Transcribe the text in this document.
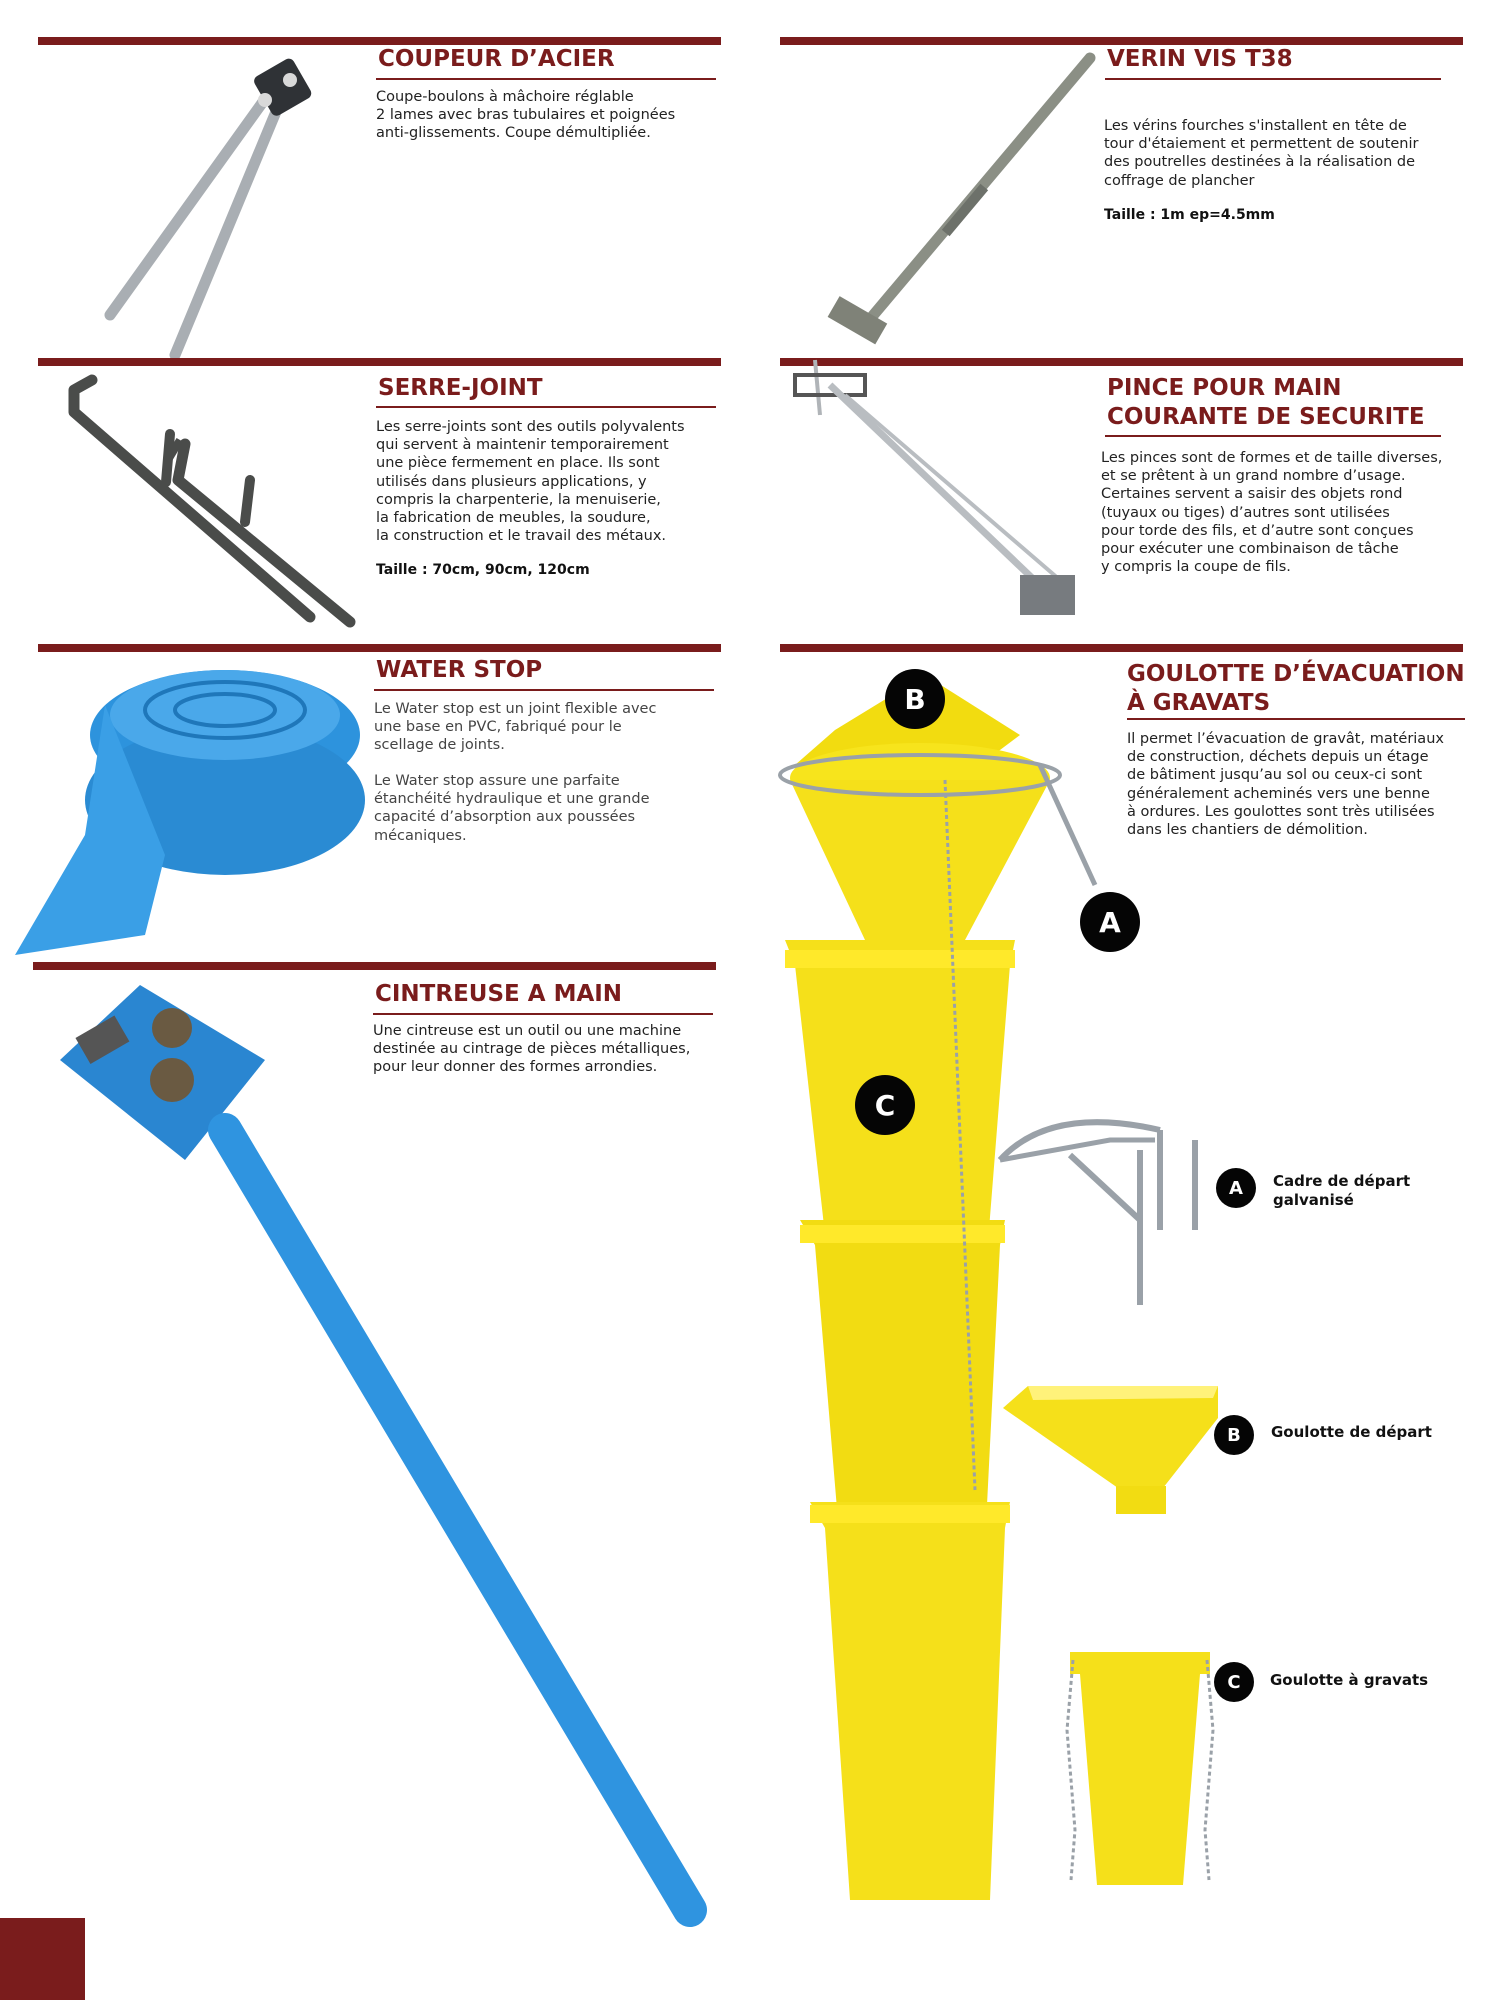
COUPEUR D’ACIER
Coupe-boulons à mâchoire réglable
2 lames avec bras tubulaires et poignées
anti-glissements. Coupe démultipliée.
VERIN VIS T38
Les vérins fourches s'installent en tête de
tour d'étaiement et permettent de soutenir
des poutrelles destinées à la réalisation de
coffrage de plancher
Taille : 1m ep=4.5mm
SERRE-JOINT
Les serre-joints sont des outils polyvalents
qui servent à maintenir temporairement
une pièce fermement en place. Ils sont
utilisés dans plusieurs applications, y
compris la charpenterie, la menuiserie,
la fabrication de meubles, la soudure,
la construction et le travail des métaux.
Taille : 70cm, 90cm, 120cm
PINCE POUR MAIN
COURANTE DE SECURITE
Les pinces sont de formes et de taille diverses,
et se prêtent à un grand nombre d’usage.
Certaines servent a saisir des objets rond
(tuyaux ou tiges) d’autres sont utilisées
pour torde des fils, et d’autre sont conçues
pour exécuter une combinaison de tâche
y compris la coupe de fils.
WATER STOP
Le Water stop est un joint flexible avec
une base en PVC, fabriqué pour le
scellage de joints.
Le Water stop assure une parfaite
étanchéité hydraulique et une grande
capacité d’absorption aux poussées
mécaniques.
CINTREUSE A MAIN
Une cintreuse est un outil ou une machine
destinée au cintrage de pièces métalliques,
pour leur donner des formes arrondies.
B
A
C
GOULOTTE D’ÉVACUATION
À GRAVATS
Il permet l’évacuation de gravât, matériaux
de construction, déchets depuis un étage
de bâtiment jusqu’au sol ou ceux-ci sont
généralement acheminés vers une benne
à ordures. Les goulottes sont très utilisées
dans les chantiers de démolition.
A	Cadre de départ
galvanisé
B	Goulotte de départ
C	Goulotte à gravats
